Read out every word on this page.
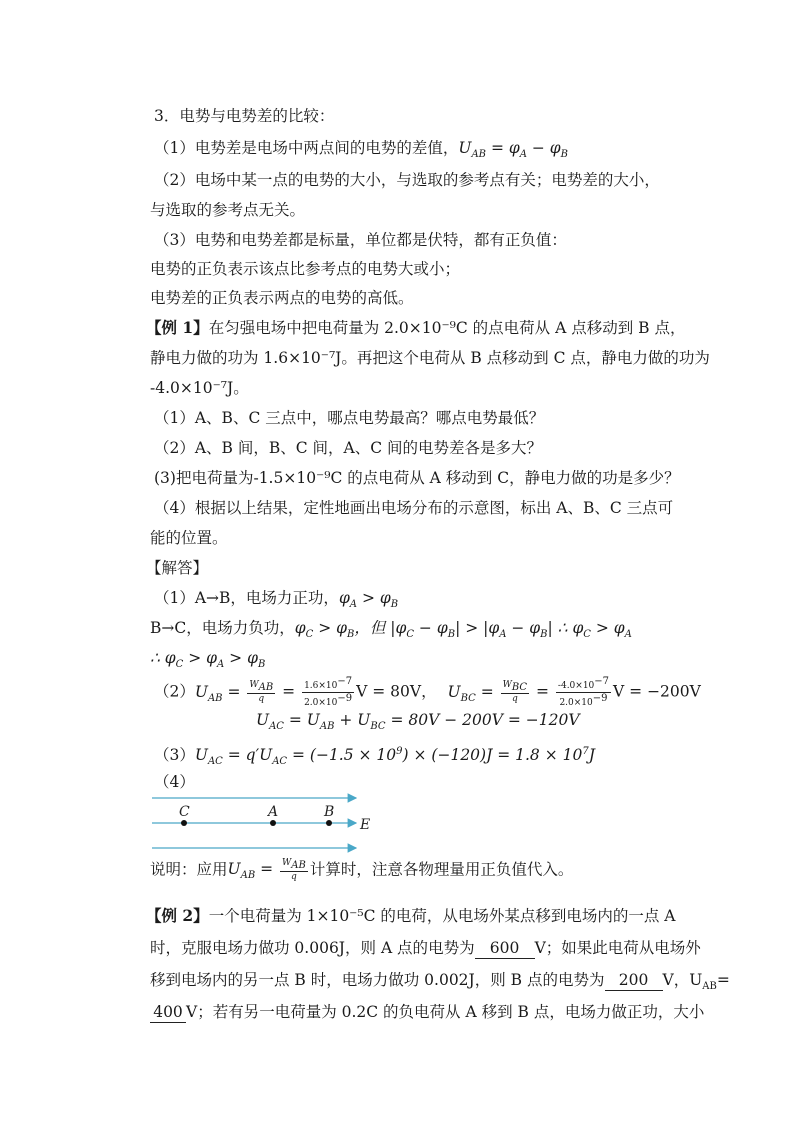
3．电势与电势差的比较：
（1）电势差是电场中两点间的电势的差值，$U_{AB} = \varphi_A - \varphi_B$
（2）电场中某一点的电势的大小，与选取的参考点有关；电势差的大小，
与选取的参考点无关。
（3）电势和电势差都是标量，单位都是伏特，都有正负值：
电势的正负表示该点比参考点的电势大或小；
电势差的正负表示两点的电势的高低。
【例 1】在匀强电场中把电荷量为 2.0×10⁻⁹C 的点电荷从 A 点移动到 B 点，
静电力做的功为 1.6×10⁻⁷J。再把这个电荷从 B 点移动到 C 点，静电力做的功为
-4.0×10⁻⁷J。
（1）A、B、C 三点中，哪点电势最高？哪点电势最低？
（2）A、B 间，B、C 间，A、C 间的电势差各是多大？
(3)把电荷量为-1.5×10⁻⁹C 的点电荷从 A 移动到 C，静电力做的功是多少？
（4）根据以上结果，定性地画出电场分布的示意图，标出 A、B、C 三点可
能的位置。
【解答】
（1）A→B，电场力正功，$\varphi_A > \varphi_B$
B→C，电场力负功，$\varphi_C > \varphi_B$，但 $|\varphi_C - \varphi_B| > |\varphi_A - \varphi_B|$ ∴ $\varphi_C > \varphi_A$
∴ $\varphi_C > \varphi_A > \varphi_B$
$(2)U_{AB} = \frac{W_{AB}}{q} = \frac{1.6\times 10^{-7}}{2.0\times 10^{-9}}$ V = 80V， $U_{BC} = \frac{W_{BC}}{q} = \frac{-4.0\times 10^{-7}}{2.0\times 10^{-9}}$ V = −200V
$U_{AC} = U_{AB} + U_{BC} = 80V - 200V = -120V$
$(3)U_{AC} = q'U_{AC} = (-1.5 \times 10^9) \times (-120)J = 1.8 \times 10^7J$
（4）
C	A	B
E
说明：应用$U_{AB} = \frac{W_{AB}}{q}$ 计算时，注意各物理量用正负值代入。
【例 2】一个电荷量为 1×10⁻⁵C 的电荷，从电场外某点移到电场内的一点 A
时，克服电场力做功 0.006J，则 A 点的电势为 600 V；如果此电荷从电场外
移到电场内的另一点 B 时，电场力做功 0.002J，则 B 点的电势为 200 V，$U_{AB}=$
400 V；若有另一电荷量为 0.2C 的负电荷从 A 移到 B 点，电场力做正功，大小
